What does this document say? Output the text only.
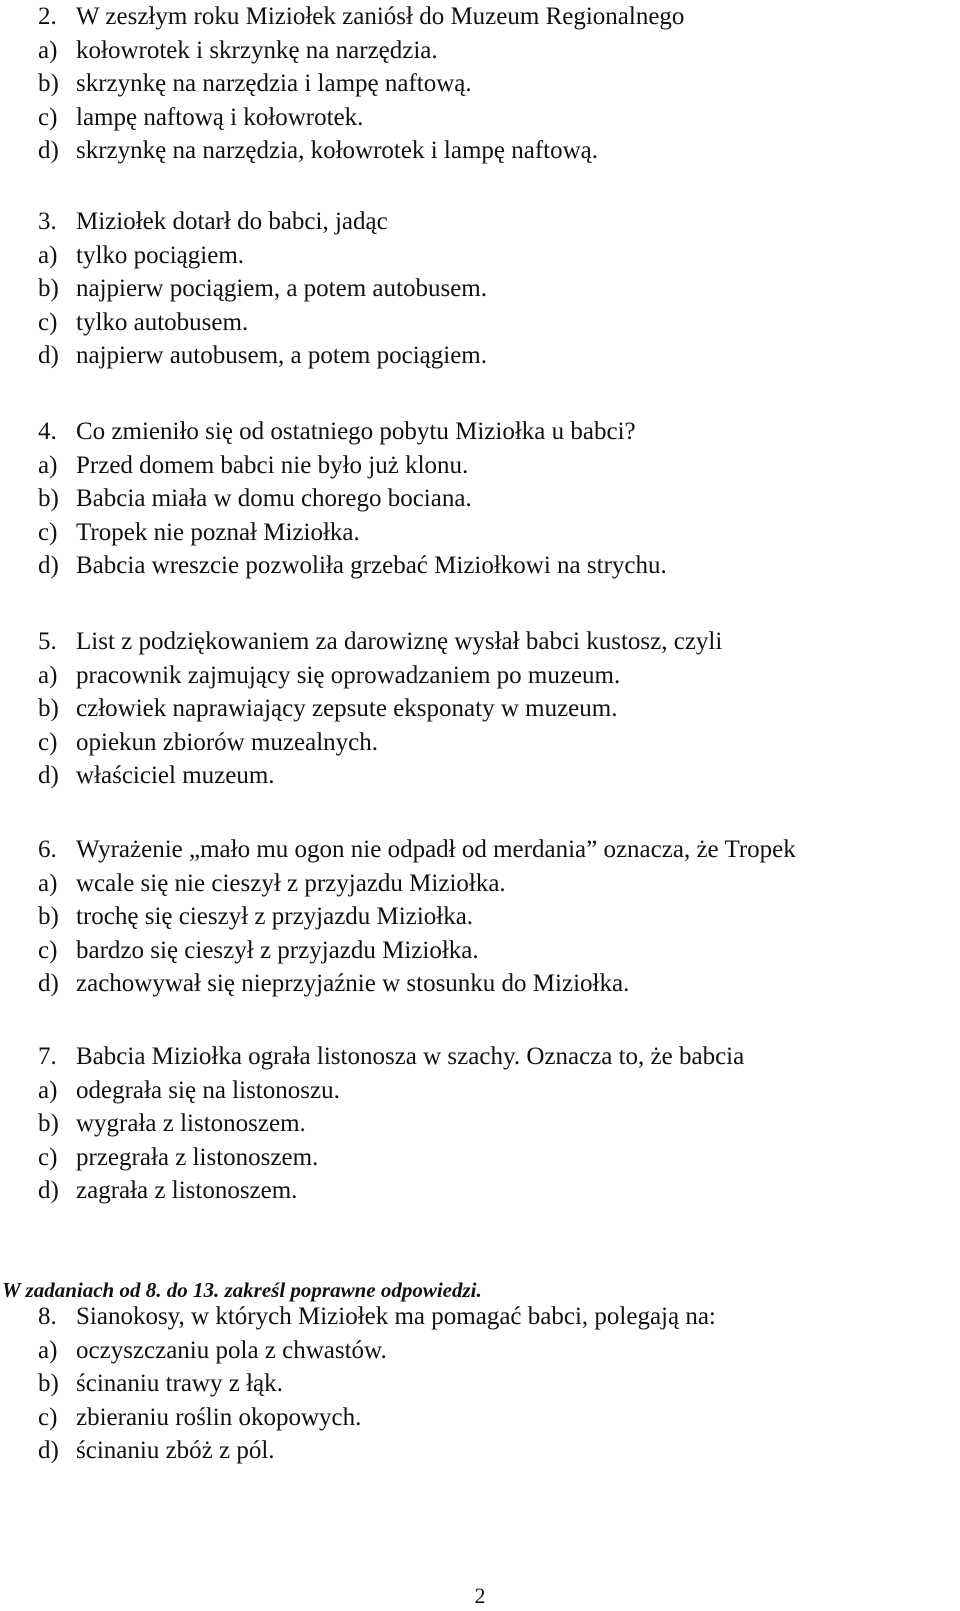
2. W zeszłym roku Miziołek zaniósł do Muzeum Regionalnego
a) kołowrotek i skrzynkę na narzędzia.
b) skrzynkę na narzędzia i lampę naftową.
c) lampę naftową i kołowrotek.
d) skrzynkę na narzędzia, kołowrotek i lampę naftową.
3. Miziołek dotarł do babci, jadąc
a) tylko pociągiem.
b) najpierw pociągiem, a potem autobusem.
c) tylko autobusem.
d) najpierw autobusem, a potem pociągiem.
4. Co zmieniło się od ostatniego pobytu Miziołka u babci?
a) Przed domem babci nie było już klonu.
b) Babcia miała w domu chorego bociana.
c) Tropek nie poznał Miziołka.
d) Babcia wreszcie pozwoliła grzebać Miziołkowi na strychu.
5. List z podziękowaniem za darowiznę wysłał babci kustosz, czyli
a) pracownik zajmujący się oprowadzaniem po muzeum.
b) człowiek naprawiający zepsute eksponaty w muzeum.
c) opiekun zbiorów muzealnych.
d) właściciel muzeum.
6. Wyrażenie „mało mu ogon nie odpadł od merdania” oznacza, że Tropek
a) wcale się nie cieszył z przyjazdu Miziołka.
b) trochę się cieszył z przyjazdu Miziołka.
c) bardzo się cieszył z przyjazdu Miziołka.
d) zachowywał się nieprzyjaźnie w stosunku do Miziołka.
7. Babcia Miziołka ograła listonosza w szachy. Oznacza to, że babcia
a) odegrała się na listonoszu.
b) wygrała z listonoszem.
c) przegrała z listonoszem.
d) zagrała z listonoszem.
W zadaniach od 8. do 13. zakreśl poprawne odpowiedzi.
8. Sianokosy, w których Miziołek ma pomagać babci, polegają na:
a) oczyszczaniu pola z chwastów.
b) ścinaniu trawy z łąk.
c) zbieraniu roślin okopowych.
d) ścinaniu zbóż z pól.
2
